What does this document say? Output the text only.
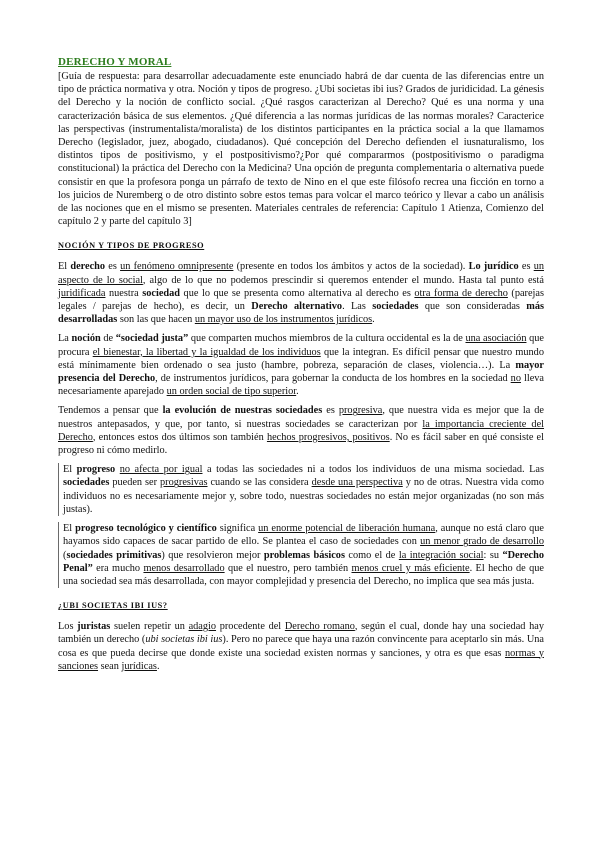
DERECHO Y MORAL
[Guía de respuesta: para desarrollar adecuadamente este enunciado habrá de dar cuenta de las diferencias entre un tipo de práctica normativa y otra. Noción y tipos de progreso. ¿Ubi societas ibi ius? Grados de juridicidad. La génesis del Derecho y la noción de conflicto social. ¿Qué rasgos caracterizan al Derecho? Qué es una norma y una caracterización básica de sus elementos. ¿Qué diferencia a las normas jurídicas de las normas morales? Caracterice las perspectivas (instrumentalista/moralista) de los distintos participantes en la práctica social a la que llamamos Derecho (legislador, juez, abogado, ciudadanos). Qué concepción del Derecho defienden el iusnaturalismo, los distintos tipos de positivismo, y el postpositivismo?¿Por qué compararmos (postpositivismo o paradigma constitucional) la práctica del Derecho con la Medicina? Una opción de pregunta complementaria o alternativa puede consistir en que la profesora ponga un párrafo de texto de Nino en el que este filósofo recrea una ficción en torno a los juicios de Nuremberg o de otro distinto sobre estos temas para volcar el marco teórico y llevar a cabo un análisis de las nociones que en el mismo se presenten. Materiales centrales de referencia: Capítulo 1 Atienza, Comienzo del capítulo 2 y parte del capítulo 3]
NOCIÓN Y TIPOS DE PROGRESO

El derecho es un fenómeno omnipresente (presente en todos los ámbitos y actos de la sociedad). Lo jurídico es un aspecto de lo social, algo de lo que no podemos prescindir si queremos entender el mundo. Hasta tal punto está juridificada nuestra sociedad que lo que se presenta como alternativa al derecho es otra forma de derecho (parejas legales / parejas de hecho), es decir, un Derecho alternativo. Las sociedades que son consideradas más desarrolladas son las que hacen un mayor uso de los instrumentos jurídicos.

La noción de “sociedad justa” que comparten muchos miembros de la cultura occidental es la de una asociación que procura el bienestar, la libertad y la igualdad de los individuos que la integran. Es difícil pensar que nuestro mundo está mínimamente bien ordenado o sea justo (hambre, pobreza, separación de clases, violencia…). La mayor presencia del Derecho, de instrumentos jurídicos, para gobernar la conducta de los hombres en la sociedad no lleva necesariamente aparejado un orden social de tipo superior.

Tendemos a pensar que la evolución de nuestras sociedades es progresiva, que nuestra vida es mejor que la de nuestros antepasados, y que, por tanto, si nuestras sociedades se caracterizan por la importancia creciente del Derecho, entonces estos dos últimos son también hechos progresivos, positivos. No es fácil saber en qué consiste el progreso ni cómo medirlo.

El progreso no afecta por igual a todas las sociedades ni a todos los individuos de una misma sociedad. Las sociedades pueden ser progresivas cuando se las considera desde una perspectiva y no de otras. Nuestra vida como individuos no es necesariamente mejor y, sobre todo, nuestras sociedades no están mejor organizadas (no son más justas).

El progreso tecnológico y científico significa un enorme potencial de liberación humana, aunque no está claro que hayamos sido capaces de sacar partido de ello. Se plantea el caso de sociedades con un menor grado de desarrollo (sociedades primitivas) que resolvieron mejor problemas básicos como el de la integración social: su “Derecho Penal” era mucho menos desarrollado que el nuestro, pero también menos cruel y más eficiente. El hecho de que una sociedad sea más desarrollada, con mayor complejidad y presencia del Derecho, no implica que sea más justa.

¿UBI SOCIETAS IBI IUS?

Los juristas suelen repetir un adagio procedente del Derecho romano, según el cual, donde hay una sociedad hay también un derecho (ubi societas ibi ius). Pero no parece que haya una razón convincente para aceptarlo sin más. Una cosa es que pueda decirse que donde existe una sociedad existen normas y sanciones, y otra es que esas normas y sanciones sean jurídicas.
